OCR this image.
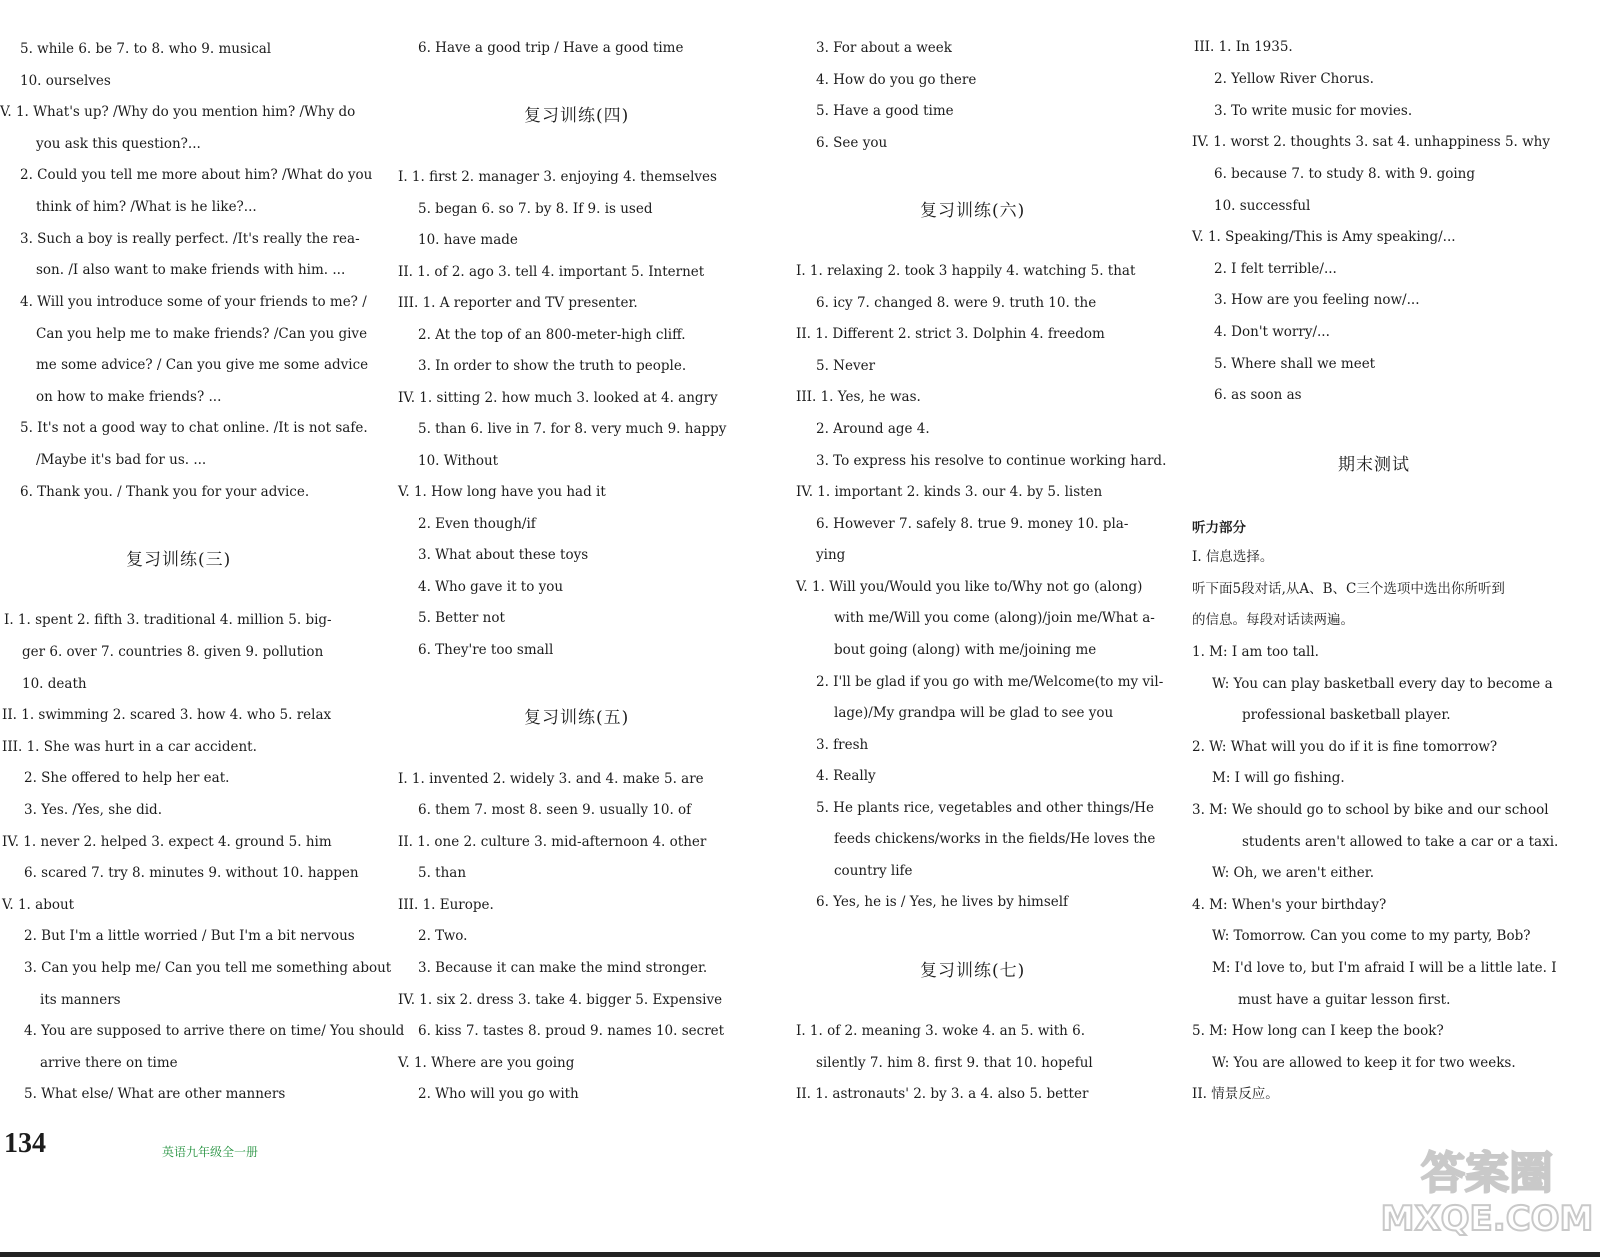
5. while 6. be 7. to 8. who 9. musical
10. ourselves
V. 1. What's up? /Why do you mention him? /Why do
you ask this question?...
2. Could you tell me more about him? /What do you
think of him? /What is he like?...
3. Such a boy is really perfect. /It's really the rea-
son. /I also want to make friends with him. ...
4. Will you introduce some of your friends to me? /
Can you help me to make friends? /Can you give
me some advice? / Can you give me some advice
on how to make friends? ...
5. It's not a good way to chat online. /It is not safe.
/Maybe it's bad for us. ...
6. Thank you. / Thank you for your advice.
复习训练(三)
I. 1. spent 2. fifth 3. traditional 4. million 5. big-
ger 6. over 7. countries 8. given 9. pollution
10. death
II. 1. swimming 2. scared 3. how 4. who 5. relax
III. 1. She was hurt in a car accident.
2. She offered to help her eat.
3. Yes. /Yes, she did.
IV. 1. never 2. helped 3. expect 4. ground 5. him
6. scared 7. try 8. minutes 9. without 10. happen
V. 1. about
2. But I'm a little worried / But I'm a bit nervous
3. Can you help me/ Can you tell me something about
its manners
4. You are supposed to arrive there on time/ You should
arrive there on time
5. What else/ What are other manners
6. Have a good trip / Have a good time
复习训练(四)
I. 1. first 2. manager 3. enjoying 4. themselves
5. began 6. so 7. by 8. If 9. is used
10. have made
II. 1. of 2. ago 3. tell 4. important 5. Internet
III. 1. A reporter and TV presenter.
2. At the top of an 800-meter-high cliff.
3. In order to show the truth to people.
IV. 1. sitting 2. how much 3. looked at 4. angry
5. than 6. live in 7. for 8. very much 9. happy
10. Without
V. 1. How long have you had it
2. Even though/if
3. What about these toys
4. Who gave it to you
5. Better not
6. They're too small
复习训练(五)
I. 1. invented 2. widely 3. and 4. make 5. are
6. them 7. most 8. seen 9. usually 10. of
II. 1. one 2. culture 3. mid-afternoon 4. other
5. than
III. 1. Europe.
2. Two.
3. Because it can make the mind stronger.
IV. 1. six 2. dress 3. take 4. bigger 5. Expensive
6. kiss 7. tastes 8. proud 9. names 10. secret
V. 1. Where are you going
2. Who will you go with
3. For about a week
4. How do you go there
5. Have a good time
6. See you
复习训练(六)
I. 1. relaxing 2. took 3 happily 4. watching 5. that
6. icy 7. changed 8. were 9. truth 10. the
II. 1. Different 2. strict 3. Dolphin 4. freedom
5. Never
III. 1. Yes, he was.
2. Around age 4.
3. To express his resolve to continue working hard.
IV. 1. important 2. kinds 3. our 4. by 5. listen
6. However 7. safely 8. true 9. money 10. pla-
ying
V. 1. Will you/Would you like to/Why not go (along)
with me/Will you come (along)/join me/What a-
bout going (along) with me/joining me
2. I'll be glad if you go with me/Welcome(to my vil-
lage)/My grandpa will be glad to see you
3. fresh
4. Really
5. He plants rice, vegetables and other things/He
feeds chickens/works in the fields/He loves the
country life
6. Yes, he is / Yes, he lives by himself
复习训练(七)
I. 1. of 2. meaning 3. woke 4. an 5. with 6.
silently 7. him 8. first 9. that 10. hopeful
II. 1. astronauts' 2. by 3. a 4. also 5. better
III. 1. In 1935.
2. Yellow River Chorus.
3. To write music for movies.
IV. 1. worst 2. thoughts 3. sat 4. unhappiness 5. why
6. because 7. to study 8. with 9. going
10. successful
V. 1. Speaking/This is Amy speaking/...
2. I felt terrible/...
3. How are you feeling now/...
4. Don't worry/...
5. Where shall we meet
6. as soon as
期末测试
听力部分
I. 信息选择。
听下面5段对话,从A、B、C三个选项中选出你所听到
的信息。每段对话读两遍。
1. M: I am too tall.
W: You can play basketball every day to become a
professional basketball player.
2. W: What will you do if it is fine tomorrow?
M: I will go fishing.
3. M: We should go to school by bike and our school
students aren't allowed to take a car or a taxi.
W: Oh, we aren't either.
4. M: When's your birthday?
W: Tomorrow. Can you come to my party, Bob?
M: I'd love to, but I'm afraid I will be a little late. I
must have a guitar lesson first.
5. M: How long can I keep the book?
W: You are allowed to keep it for two weeks.
II. 情景反应。
134	英语九年级全一册	答案圈
MXQE.COM
